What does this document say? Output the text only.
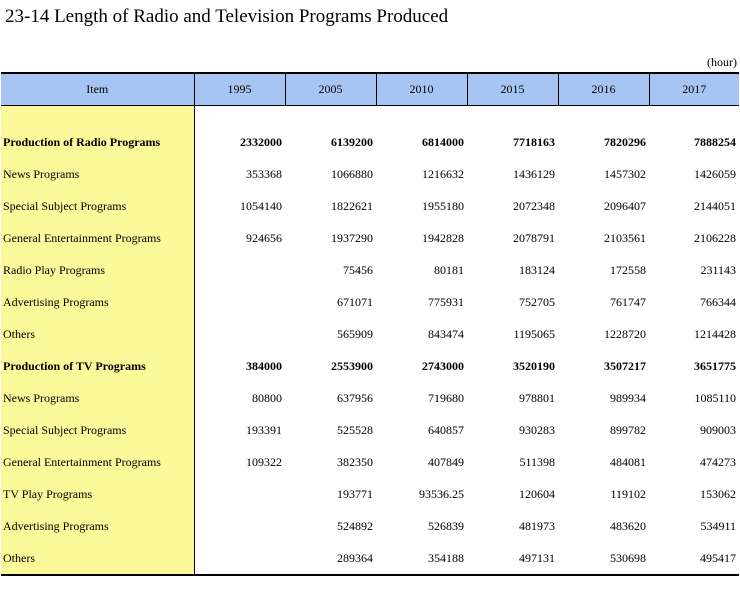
23-14 Length of Radio and Television Programs Produced
(hour)
Item	1995	2005	2010	2015	2016	2017

Production of Radio Programs	2332000	6139200	6814000	7718163	7820296	7888254
News Programs	353368	1066880	1216632	1436129	1457302	1426059
Special Subject Programs	1054140	1822621	1955180	2072348	2096407	2144051
General Entertainment Programs	924656	1937290	1942828	2078791	2103561	2106228
Radio Play Programs		75456	80181	183124	172558	231143
Advertising Programs		671071	775931	752705	761747	766344
Others		565909	843474	1195065	1228720	1214428
Production of TV Programs	384000	2553900	2743000	3520190	3507217	3651775
News Programs	80800	637956	719680	978801	989934	1085110
Special Subject Programs	193391	525528	640857	930283	899782	909003
General Entertainment Programs	109322	382350	407849	511398	484081	474273
TV Play Programs		193771	93536.25	120604	119102	153062
Advertising Programs		524892	526839	481973	483620	534911
Others		289364	354188	497131	530698	495417
